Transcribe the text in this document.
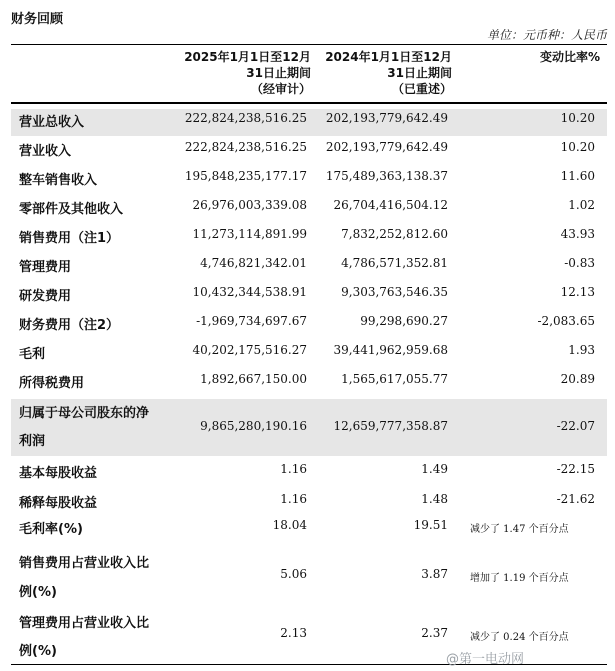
财务回顾
单位：元币种：人民币
2025年1月1日至12月
31日止期间
（经审计）
2024年1月1日至12月
31日止期间
（已重述）
变动比率%
营业总收入	222,824,238,516.25 202,193,779,642.49	10.20
营业收入	222,824,238,516.25 202,193,779,642.49	10.20
整车销售收入	195,848,235,177.17 175,489,363,138.37	11.60
零部件及其他收入	26,976,003,339.08 26,704,416,504.12	1.02
销售费用（注1）	11,273,114,891.99	7,832,252,812.60	43.93
管理费用	4,746,821,342.01	4,786,571,352.81	-0.83
研发费用	10,432,344,538.91	9,303,763,546.35	12.13
财务费用（注2）	-1,969,734,697.67	99,298,690.27	-2,083.65
毛利	40,202,175,516.27 39,441,962,959.68	1.93
所得税费用	1,892,667,150.00	1,565,617,055.77	20.89
归属于母公司股东的净
利润
9,865,280,190.16 12,659,777,358.87	-22.07
基本每股收益	1.16	1.49	-22.15
稀释每股收益	1.16	1.48	-21.62
毛利率(%)	18.04	19.51 减少了 1.47 个百分点
销售费用占营业收入比
例(%)
5.06	3.87 增加了 1.19 个百分点
管理费用占营业收入比
例(%)
2.13	2.37 减少了 0.24 个百分点
@第一电动网
